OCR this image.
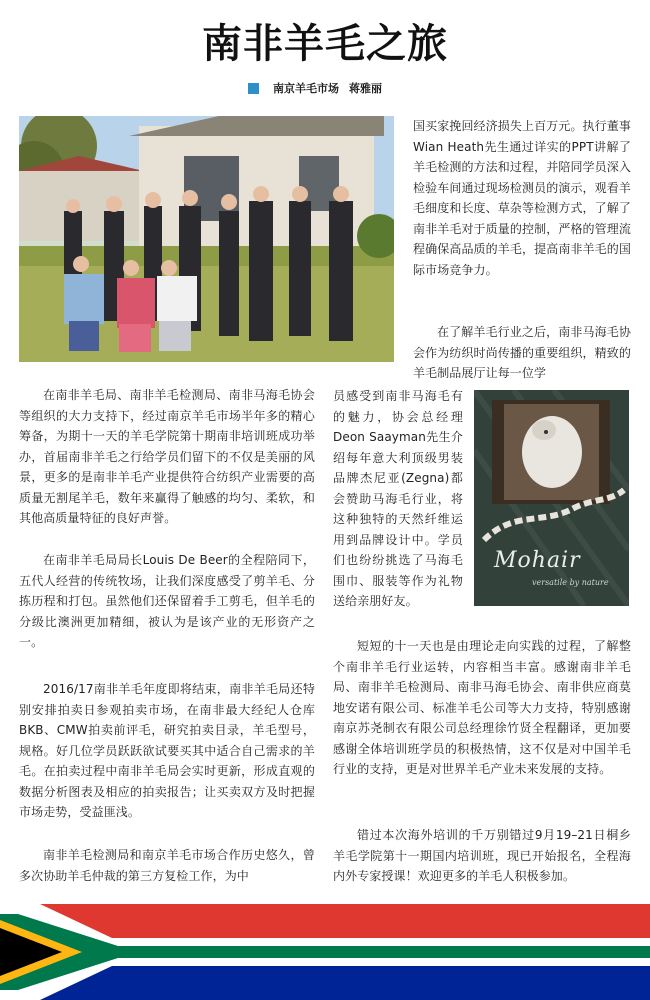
南非羊毛之旅
南京羊毛市场 蒋雅丽
国买家挽回经济损失上百万元。执行董事Wian Heath先生通过详实的PPT讲解了羊毛检测的方法和过程，并陪同学员深入检验车间通过现场检测员的演示，观看羊毛细度和长度、草杂等检测方式，了解了南非羊毛对于质量的控制，严格的管理流程确保高品质的羊毛，提高南非羊毛的国际市场竞争力。
在了解羊毛行业之后，南非马海毛协会作为纺织时尚传播的重要组织，精致的羊毛制品展厅让每一位学
在南非羊毛局、南非羊毛检测局、南非马海毛协会等组织的大力支持下，经过南京羊毛市场半年多的精心筹备，为期十一天的羊毛学院第十期南非培训班成功举办，首届南非羊毛之行给学员们留下的不仅是美丽的风景，更多的是南非羊毛产业提供符合纺织产业需要的高质量无割尾羊毛，数年来赢得了触感的均匀、柔软，和其他高质量特征的良好声誉。
员感受到南非马海毛有的魅力，协会总经理Deon Saayman先生介绍每年意大利顶级男装品牌杰尼亚(Zegna)都会赞助马海毛行业，将这种独特的天然纤维运用到品牌设计中。学员们也纷纷挑选了马海毛围巾、服装等作为礼物送给亲朋好友。
Mohair
versatile by nature
在南非羊毛局局长Louis De Beer的全程陪同下，五代人经营的传统牧场，让我们深度感受了剪羊毛、分拣历程和打包。虽然他们还保留着手工剪毛，但羊毛的分级比澳洲更加精细，被认为是该产业的无形资产之一。	短短的十一天也是由理论走向实践的过程，了解整个南非羊毛行业运转，内容相当丰富。感谢南非羊毛局、南非羊毛检测局、南非马海毛协会、南非供应商莫地安诺有限公司、标准羊毛公司等大力支持，特别感谢南京苏尧制衣有限公司总经理徐竹贤全程翻译，更加要感谢全体培训班学员的积极热情，这不仅是对中国羊毛行业的支持，更是对世界羊毛产业未来发展的支持。
2016/17南非羊毛年度即将结束，南非羊毛局还特别安排拍卖日参观拍卖市场，在南非最大经纪人仓库BKB、CMW拍卖前评毛，研究拍卖目录，羊毛型号，规格。好几位学员跃跃欲试要买其中适合自己需求的羊毛。在拍卖过程中南非羊毛局会实时更新，形成直观的数据分析图表及相应的拍卖报告；让买卖双方及时把握市场走势，受益匪浅。
南非羊毛检测局和南京羊毛市场合作历史悠久，曾多次协助羊毛仲裁的第三方复检工作，为中
错过本次海外培训的千万别错过9月19–21日桐乡羊毛学院第十一期国内培训班，现已开始报名，全程海内外专家授课！欢迎更多的羊毛人积极参加。
